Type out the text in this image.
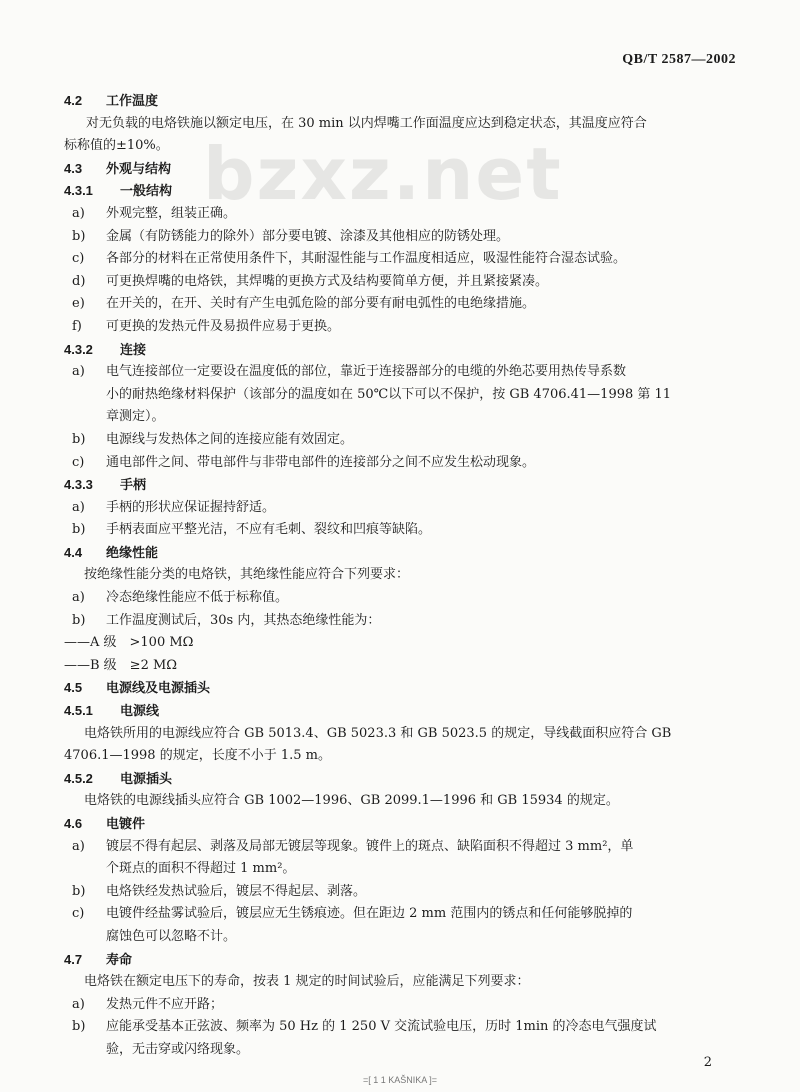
QB/T 2587—2002
bzxz.net
4.2 工作温度
对无负载的电烙铁施以额定电压，在 30 min 以内焊嘴工作面温度应达到稳定状态，其温度应符合
标称值的±10%。
4.3 外观与结构
4.3.1 一般结构
a) 外观完整，组装正确。
b) 金属（有防锈能力的除外）部分要电镀、涂漆及其他相应的防锈处理。
c) 各部分的材料在正常使用条件下，其耐湿性能与工作温度相适应，吸湿性能符合湿态试验。
d) 可更换焊嘴的电烙铁，其焊嘴的更换方式及结构要简单方便，并且紧接紧凑。
e) 在开关的，在开、关时有产生电弧危险的部分要有耐电弧性的电绝缘措施。
f) 可更换的发热元件及易损件应易于更换。
4.3.2 连接
a) 电气连接部位一定要设在温度低的部位，靠近于连接器部分的电缆的外绝芯要用热传导系数
小的耐热绝缘材料保护（该部分的温度如在 50℃以下可以不保护，按 GB 4706.41—1998 第 11
章测定）。
b) 电源线与发热体之间的连接应能有效固定。
c) 通电部件之间、带电部件与非带电部件的连接部分之间不应发生松动现象。
4.3.3 手柄
a) 手柄的形状应保证握持舒适。
b) 手柄表面应平整光洁，不应有毛刺、裂纹和凹痕等缺陷。
4.4 绝缘性能
按绝缘性能分类的电烙铁，其绝缘性能应符合下列要求：
a) 冷态绝缘性能应不低于标称值。
b) 工作温度测试后，30s 内，其热态绝缘性能为：
——A 级　>100 MΩ
——B 级　≥2 MΩ
4.5 电源线及电源插头
4.5.1 电源线
电烙铁所用的电源线应符合 GB 5013.4、GB 5023.3 和 GB 5023.5 的规定，导线截面积应符合 GB
4706.1—1998 的规定，长度不小于 1.5 m。
4.5.2 电源插头
电烙铁的电源线插头应符合 GB 1002—1996、GB 2099.1—1996 和 GB 15934 的规定。
4.6 电镀件
a) 镀层不得有起层、剥落及局部无镀层等现象。镀件上的斑点、缺陷面积不得超过 3 mm²，单
个斑点的面积不得超过 1 mm²。
b) 电烙铁经发热试验后，镀层不得起层、剥落。
c) 电镀件经盐雾试验后，镀层应无生锈痕迹。但在距边 2 mm 范围内的锈点和任何能够脱掉的
腐蚀色可以忽略不计。
4.7 寿命
电烙铁在额定电压下的寿命，按表 1 规定的时间试验后，应能满足下列要求：
a) 发热元件不应开路；
b) 应能承受基本正弦波、频率为 50 Hz 的 1 250 V 交流试验电压，历时 1min 的冷态电气强度试
验，无击穿或闪络现象。
2
=[ 1 1 KAŠNIKA ]=
